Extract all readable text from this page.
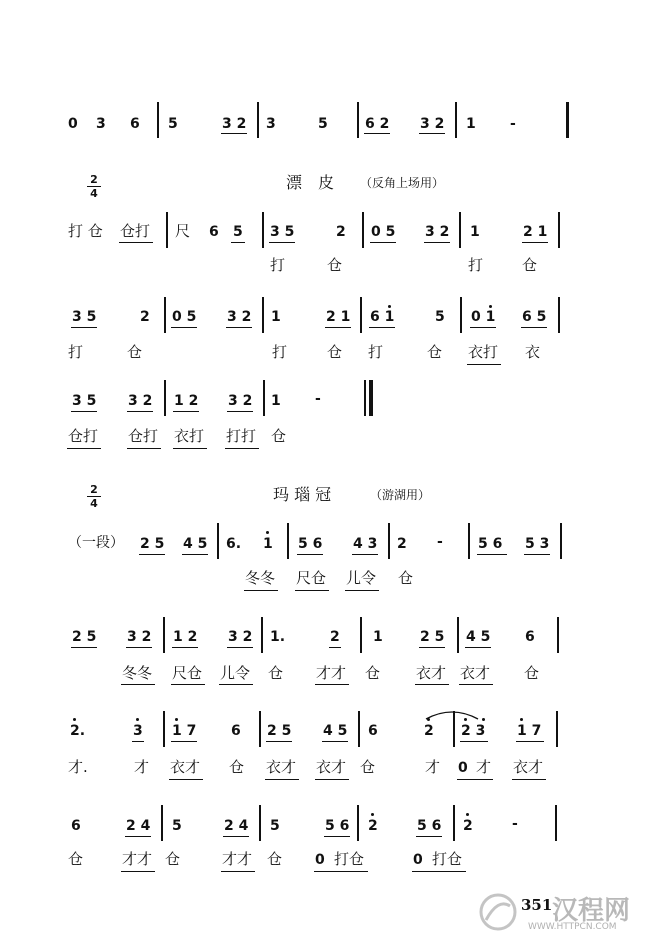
0 3 6 5	3 2 3	5	6 2 3 2 1 -
2
4
漂　皮 （反角上场用）
打 仓 仓打 尺 6 5 3 5	2 0 5 3 2 1	2 1
打	仓	打	仓
3 5	2 0 5 3 2 1	2 1 6 1	5 0 1 6 5
打	仓	打	仓 打	仓 衣打 衣
3 5 3 2 1 2 3 2 1 -
仓打 仓打 衣打 打打 仓
2
4	玛 瑙 冠	（游湖用）
（一段） 2 5 4 5 6. 1 5 6 4 3 2 -	5 6 5 3
冬冬 尺仓 儿令 仓
2 5 3 2 1 2 3 2 1.	2 1	2 5 4 5 6
冬冬 尺仓 儿令 仓 才才 仓 衣才 衣才 仓
2.	3 1 7 6 2 5 4 5 6	2 2 3 1 7
才.	才 衣才 仓 衣才 衣才 仓	才 0 才 衣才
6	2 4 5	2 4 5	5 6 2	5 6 2	-
仓	才才 仓	才才 仓 0 打仓	0 打仓
351 汉程网
WWW.HTTPCN.COM
